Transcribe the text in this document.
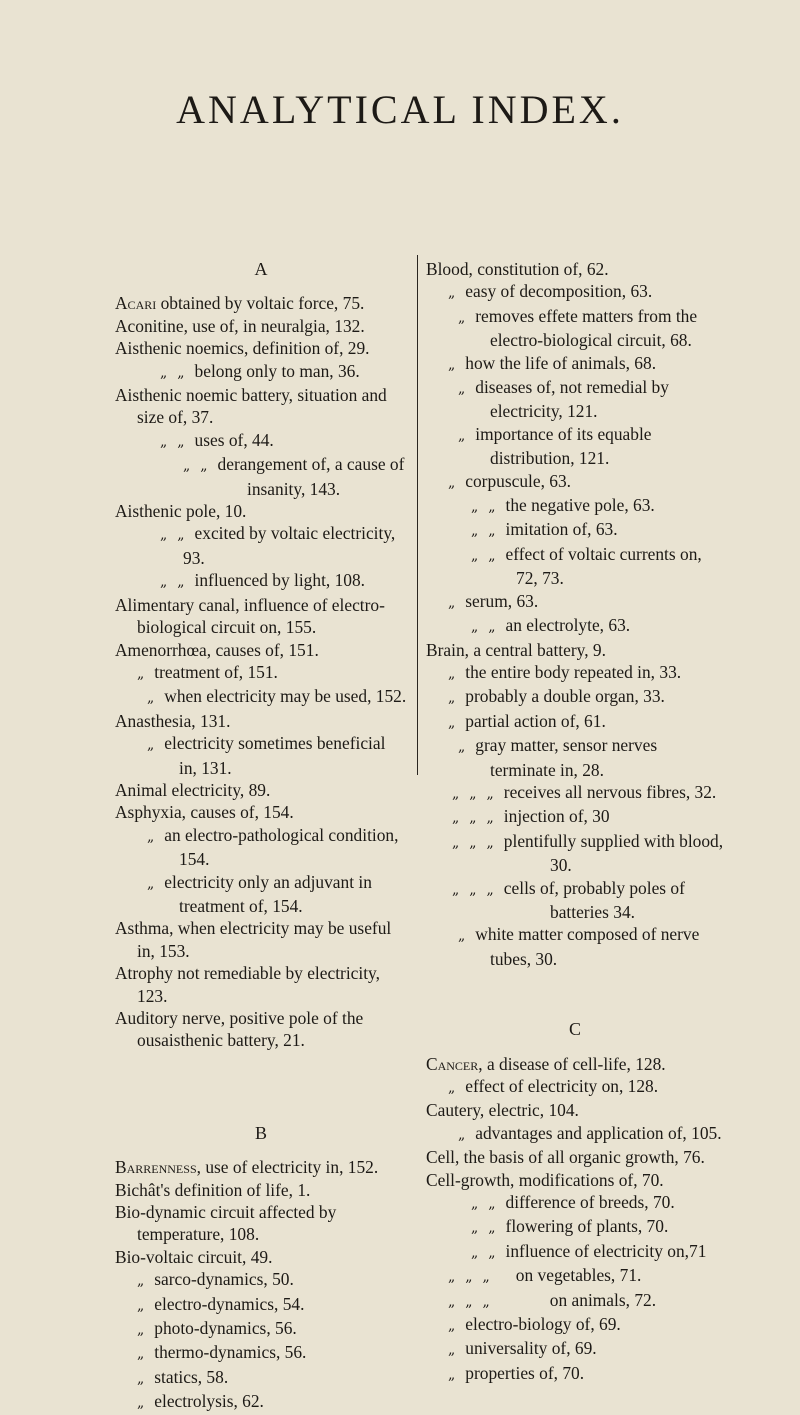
ANALYTICAL INDEX.
A
Acari obtained by voltaic force, 75.
Aconitine, use of, in neuralgia, 132.
Aisthenic noemics, definition of, 29.
„ „ belong only to man, 36.
Aisthenic noemic battery, situation and size of, 37.
„ „ uses of, 44.
„ „ derangement of, a cause of insanity, 143.
Aisthenic pole, 10.
„ „ excited by voltaic electricity, 93.
„ „ influenced by light, 108.
Alimentary canal, influence of electro-biological circuit on, 155.
Amenorrhœa, causes of, 151.
„ treatment of, 151.
„ when electricity may be used, 152.
Anasthesia, 131.
„ electricity sometimes beneficial in, 131.
Animal electricity, 89.
Asphyxia, causes of, 154.
„ an electro-pathological condition, 154.
„ electricity only an adjuvant in treatment of, 154.
Asthma, when electricity may be useful in, 153.
Atrophy not remediable by electricity, 123.
Auditory nerve, positive pole of the ousaisthenic battery, 21.
B
Barrenness, use of electricity in, 152.
Bichât's definition of life, 1.
Bio-dynamic circuit affected by temperature, 108.
Bio-voltaic circuit, 49.
„ sarco-dynamics, 50.
„ electro-dynamics, 54.
„ photo-dynamics, 56.
„ thermo-dynamics, 56.
„ statics, 58.
„ electrolysis, 62.
Blood, constitution of, 62.
„ easy of decomposition, 63.
„ removes effete matters from the electro-biological circuit, 68.
„ how the life of animals, 68.
„ diseases of, not remedial by electricity, 121.
„ importance of its equable distribution, 121.
„ corpuscule, 63.
„ „ the negative pole, 63.
„ „ imitation of, 63.
„ „ effect of voltaic currents on, 72, 73.
„ serum, 63.
„ „ an electrolyte, 63.
Brain, a central battery, 9.
„ the entire body repeated in, 33.
„ probably a double organ, 33.
„ partial action of, 61.
„ gray matter, sensor nerves terminate in, 28.
„ „ „ receives all nervous fibres, 32.
„ „ „ injection of, 30
„ „ „ plentifully supplied with blood, 30.
„ „ „ cells of, probably poles of batteries 34.
„ white matter composed of nerve tubes, 30.
C
Cancer, a disease of cell-life, 128.
„ effect of electricity on, 128.
Cautery, electric, 104.
„ advantages and application of, 105.
Cell, the basis of all organic growth, 76.
Cell-growth, modifications of, 70.
„ „ difference of breeds, 70.
„ „ flowering of plants, 70.
„ „ influence of electricity on,71
„ „ „ on vegetables, 71.
„ „ „	on animals, 72.
„ electro-biology of, 69.
„ universality of, 69.
„ properties of, 70.
